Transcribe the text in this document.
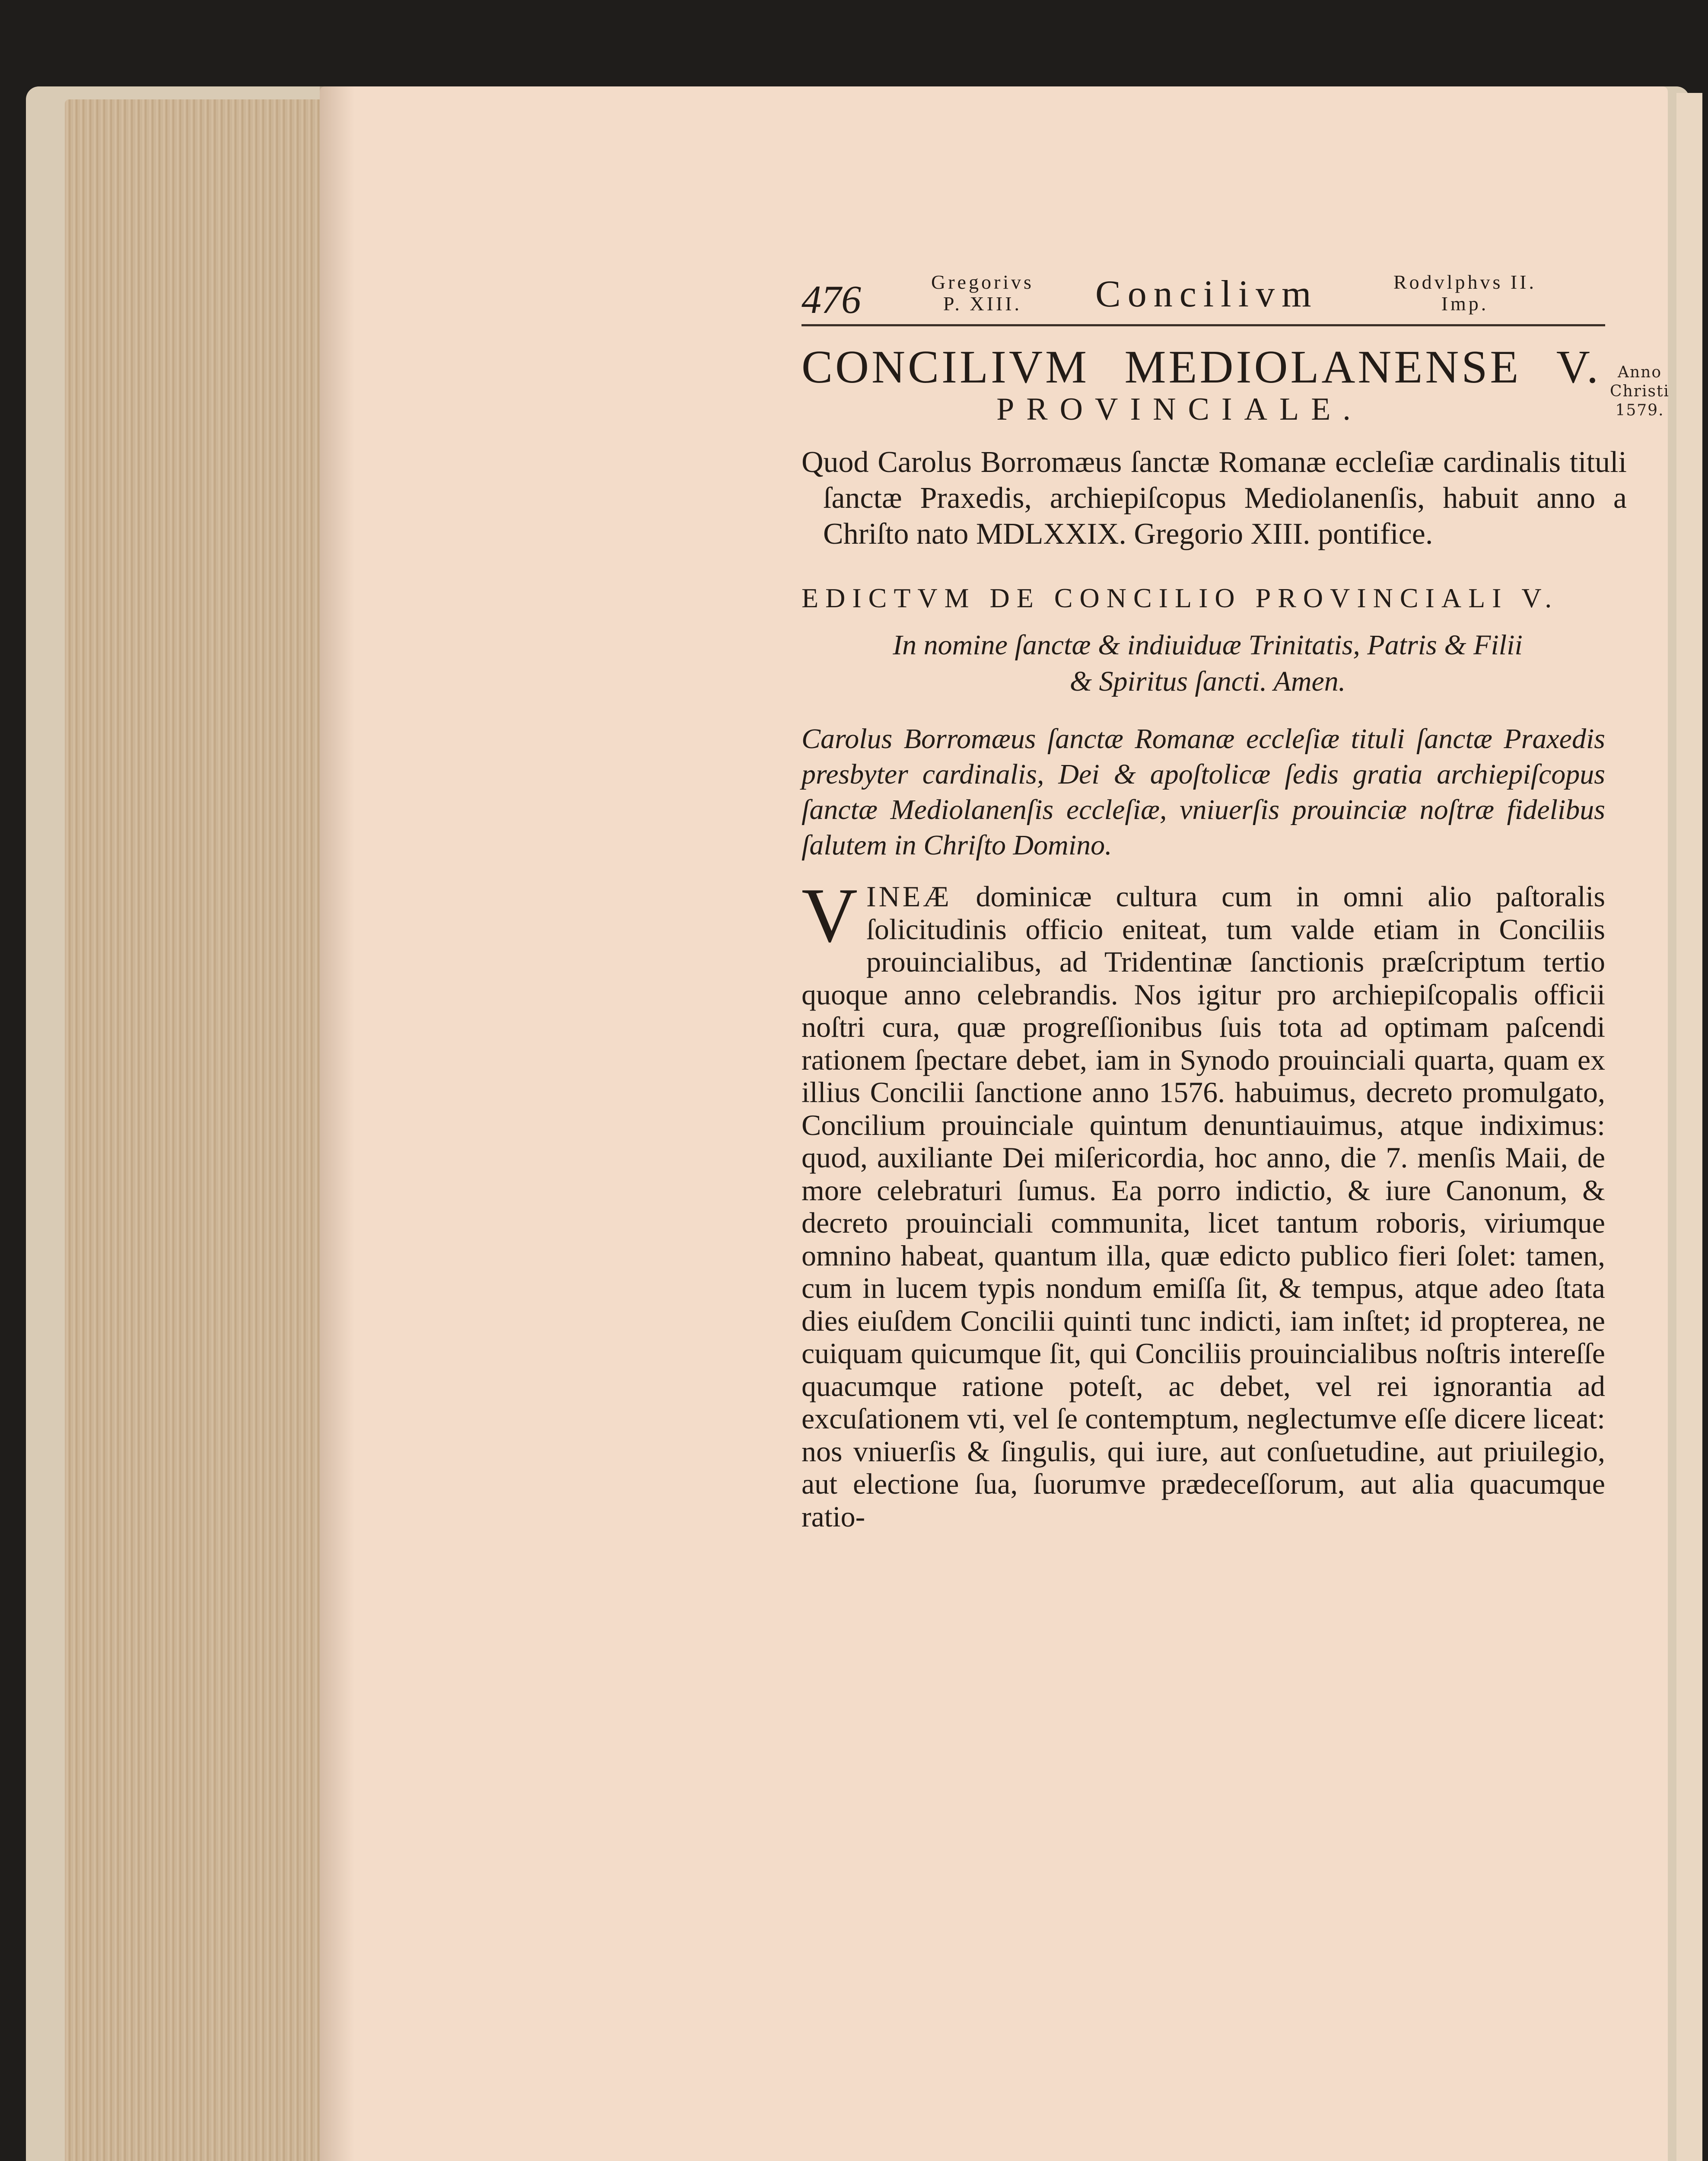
Anno
Christi
1579.
476	Gregorivs
P. XIII.	Concilivm	Rodvlphvs II.
Imp.
CONCILIVM MEDIOLANENSE V.
PROVINCIALE.
Quod Carolus Borromæus ſanctæ Romanæ eccleſiæ cardinalis tituli ſanctæ Praxedis, archiepiſcopus Mediolanenſis, habuit anno a Chriſto nato MDLXXIX. Gregorio XIII. pontifice.
EDICTVM DE CONCILIO PROVINCIALI V.
In nomine ſanctæ & indiuiduæ Trinitatis, Patris & Filii
& Spiritus ſancti. Amen.
Carolus Borromæus ſanctæ Romanæ eccleſiæ tituli ſanctæ Praxedis presbyter cardinalis, Dei & apoſtolicæ ſedis gratia archiepiſcopus ſanctæ Mediolanenſis eccleſiæ, vniuerſis prouinciæ noſtræ fidelibus ſalutem in Chriſto Domino.
VINEÆ dominicæ cultura cum in omni alio paſtoralis ſolicitudinis officio eniteat, tum valde etiam in Conciliis prouincialibus, ad Tridentinæ ſanctionis præſcriptum tertio quoque anno celebrandis. Nos igitur pro archiepiſcopalis officii noſtri cura, quæ progreſſionibus ſuis tota ad optimam paſcendi rationem ſpectare debet, iam in Synodo prouinciali quarta, quam ex illius Concilii ſanctione anno 1576. habuimus, decreto promulgato, Concilium prouinciale quintum denuntiauimus, atque indiximus: quod, auxiliante Dei miſericordia, hoc anno, die 7. menſis Maii, de more celebraturi ſumus. Ea porro indictio, & iure Canonum, & decreto prouinciali communita, licet tantum roboris, viriumque omnino habeat, quantum illa, quæ edicto publico fieri ſolet: tamen, cum in lucem typis nondum emiſſa ſit, & tempus, atque adeo ſtata dies eiuſdem Concilii quinti tunc indicti, iam inſtet; id propterea, ne cuiquam quicumque ſit, qui Conciliis prouincialibus noſtris intereſſe quacumque ratione poteſt, ac debet, vel rei ignorantia ad excuſationem vti, vel ſe contemptum, neglectumve eſſe dicere liceat: nos vniuerſis & ſingulis, qui iure, aut conſuetudine, aut priuilegio, aut electione ſua, ſuorumve prædeceſſorum, aut alia quacumque ratio-
